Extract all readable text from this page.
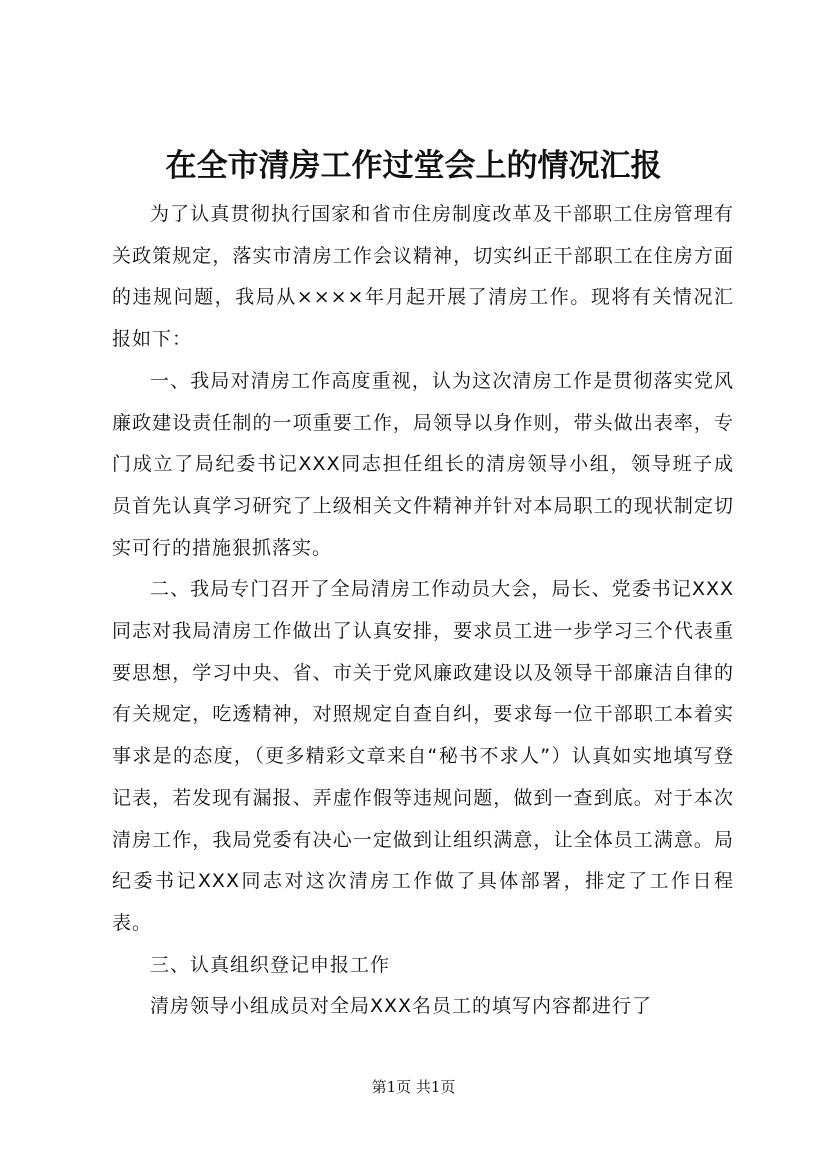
在全市清房工作过堂会上的情况汇报

为了认真贯彻执行国家和省市住房制度改革及干部职工住房管理有关政策规定，落实市清房工作会议精神，切实纠正干部职工在住房方面的违规问题，我局从××××年月起开展了清房工作。现将有关情况汇报如下：

一、我局对清房工作高度重视，认为这次清房工作是贯彻落实党风廉政建设责任制的一项重要工作，局领导以身作则，带头做出表率，专门成立了局纪委书记XXX同志担任组长的清房领导小组，领导班子成员首先认真学习研究了上级相关文件精神并针对本局职工的现状制定切实可行的措施狠抓落实。

二、我局专门召开了全局清房工作动员大会，局长、党委书记XXX同志对我局清房工作做出了认真安排，要求员工进一步学习三个代表重要思想，学习中央、省、市关于党风廉政建设以及领导干部廉洁自律的有关规定，吃透精神，对照规定自查自纠，要求每一位干部职工本着实事求是的态度，（更多精彩文章来自“秘书不求人”）认真如实地填写登记表，若发现有漏报、弄虚作假等违规问题，做到一查到底。对于本次清房工作，我局党委有决心一定做到让组织满意，让全体员工满意。局纪委书记XXX同志对这次清房工作做了具体部署，排定了工作日程表。

三、认真组织登记申报工作

清房领导小组成员对全局XXX名员工的填写内容都进行了

第1页 共1页
